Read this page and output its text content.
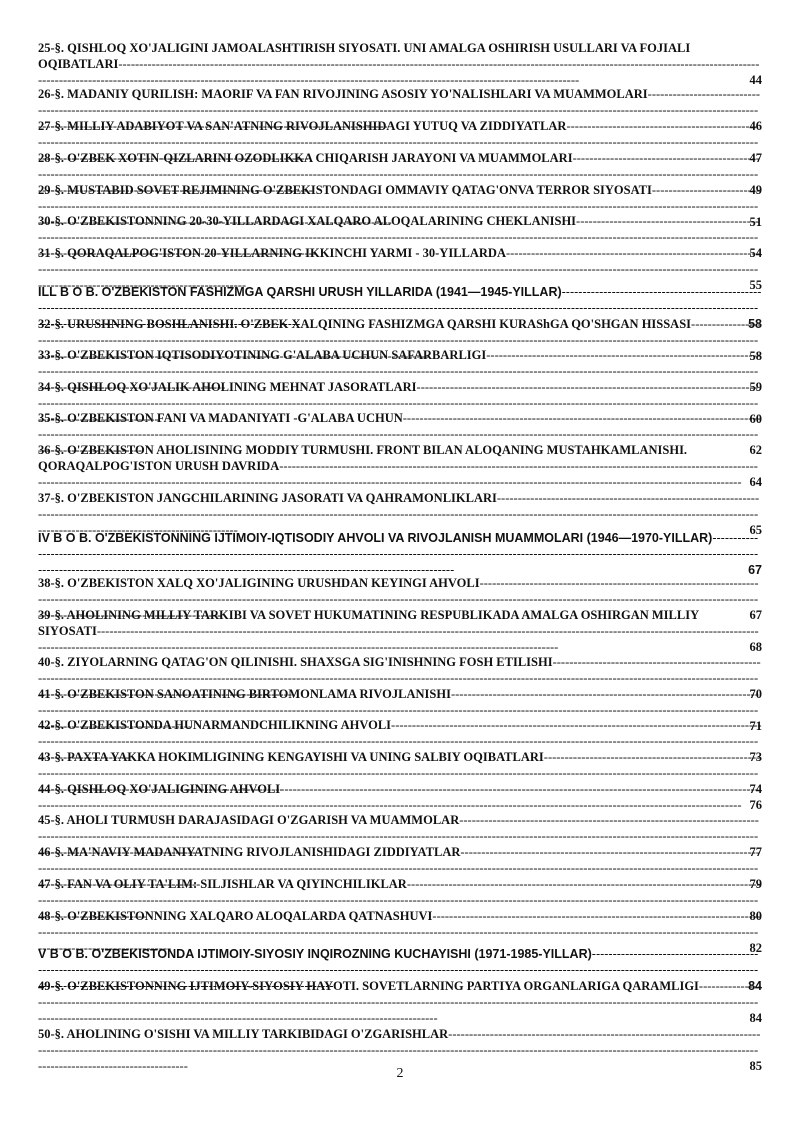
25-§. QISHLOQ XO'JALIGINI JAMOALASHTIRISH SIYOSATI. UNI AMALGA OSHIRISH USULLARI VA FOJIALI OQIBATLARI -----
44
26-§. MADANIY QURILISH: MAORIF VA FAN RIVOJINING ASOSIY YO'NALISHLARI VA MUAMMOLARI -----
46
27-§. MILLIY ADABIYOT VA SAN'ATNING RIVOJLANISHIDAGI YUTUQ VA ZIDDIYATLAR -----
47
28-§. O'ZBEK XOTIN-QIZLARINI OZODLIKKA CHIQARISH JARAYONI VA MUAMMOLARI -----
49
29-§. MUSTABID SOVET REJIMINING O'ZBEKISTONDAGI OMMAVIY QATAG'ONVA TERROR SIYOSATI -----
51
30-§. O'ZBEKISTONNING 20-30-YILLARDAGI XALQARO ALOQALARINING CHEKLANISHI -----
54
31-§. QORAQALPOG'ISTON 20-YILLARNING IKKINCHI YARMI - 30-YILLARDA -----
55
ILL B O B. O'ZBEKISTON FASHIZMGA QARSHI URUSH YILLARIDA (1941—1945-YILLAR) -----
58
32-§. URUSHNING BOSHLANISHI. O'ZBEK XALQINING FASHIZMGA QARSHI KURAShGA QO'SHGAN HISSASI -----
58
33-§. O'ZBEKISTON IQTISODIYOTINING G'ALABA UCHUN SAFARBARLIGI -----
59
34-§. QISHLOQ XO'JALIK AHOLINING MEHNAT JASORATLARI -----
60
35-§. O'ZBEKISTON FANI VA MADANIYATI -G'ALABA UCHUN -----
62
36-§. O'ZBEKISTON AHOLISINING MODDIY TURMUSHI. FRONT BILAN ALOQANING MUSTAHKAMLANISHI. QORAQALPOG'ISTON URUSH DAVRIDA -----
64
37-§. O'ZBEKISTON JANGCHILARINING JASORATI VA QAHRAMONLIKLARI -----
65
IV B O B. O'ZBEKISTONNING IJTIMOIY-IQTISODIY AHVOLI VA RIVOJLANISH MUAMMOLARI (1946—1970-YILLAR) -----
67
38-§. O'ZBEKISTON XALQ XO'JALIGINING URUSHDAN KEYINGI AHVOLI -----
67
39-§. AHOLINING MILLIY TARKIBI VA SOVET HUKUMATINING RESPUBLIKADA AMALGA OSHIRGAN MILLIY SIYOSATI -----
68
40-§. ZIYOLARNING QATAG'ON QILINISHI. SHAXSGA SIG'INISHNING FOSH ETILISHI -----
70
41-§. O'ZBEKISTON SANOATINING BIRTOMONLAMA RIVOJLANISHI -----
71
42-§. O'ZBEKISTONDA HUNARMANDCHILIKNING AHVOLI -----
73
43-§. PAXTA YAKKA HOKIMLIGINING KENGAYISHI VA UNING SALBIY OQIBATLARI -----
74
44-§. QISHLOQ XO'JALIGINING AHVOLI -----
76
45-§. AHOLI TURMUSH DARAJASIDAGI O'ZGARISH VA MUAMMOLAR -----
77
46-§. MA'NAVIY MADANIYATNING RIVOJLANISHIDAGI ZIDDIYATLAR -----
79
47-§. FAN VA OLIY TA'LIM: SILJISHLAR VA QIYINCHILIKLAR -----
80
48-§. O'ZBEKISTONNING XALQARO ALOQALARDA QATNASHUVI -----
82
V B O B. O'ZBEKISTONDA IJTIMOIY-SIYOSIY INQIROZNING KUCHAYISHI (1971-1985-YILLAR) -----
84
49-§. O'ZBEKISTONNING IJTIMOIY-SIYOSIY HAYOTI. SOVETLARNING PARTIYA ORGANLARIGA QARAMLIGI -----
84
50-§. AHOLINING O'SISHI VA MILLIY TARKIBIDAGI O'ZGARISHLAR -----
85
2
